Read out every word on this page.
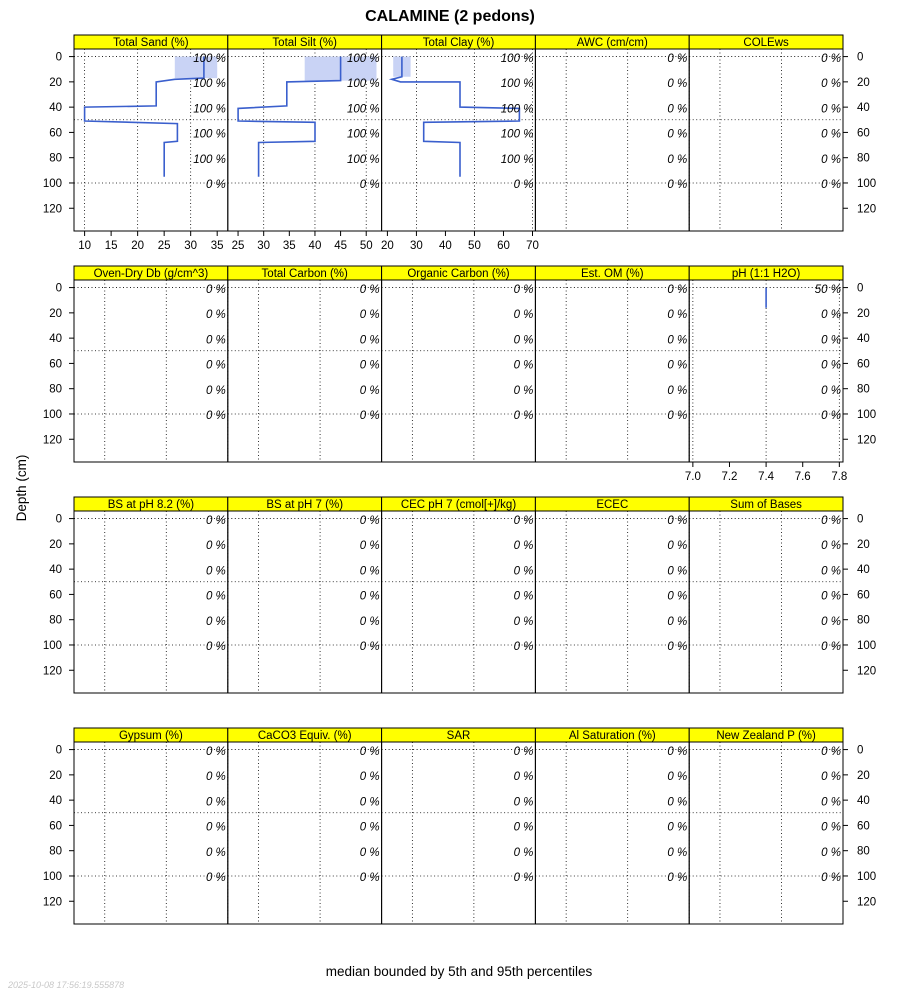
CALAMINE (2 pedons)
Depth (cm)
Total Sand (%)
100 %
100 %
100 %
100 %
100 %
0 %
10 15 20 25 30 35
Total Silt (%)
100 %
100 %
100 %
100 %
100 %
0 %
25 30 35 40 45 50
Total Clay (%)
100 %
100 %
100 %
100 %
100 %
0 %
20 30 40 50 60 70
AWC (cm/cm)
0 %
0 %
0 %
0 %
0 %
0 %
COLEws
0 %
0 %
0 %
0 %
0 %
0 %
0	0
20	20
40	40
60	60
80	80
100	100
120	120
Oven-Dry Db (g/cm^3)
0 %
0 %
0 %
0 %
0 %
0 %
Total Carbon (%)
0 %
0 %
0 %
0 %
0 %
0 %
Organic Carbon (%)
0 %
0 %
0 %
0 %
0 %
0 %
Est. OM (%)
0 %
0 %
0 %
0 %
0 %
0 %
pH (1:1 H2O)
50 %
0 %
0 %
0 %
0 %
0 %
7.0 7.2 7.4 7.6 7.8
0	0
20	20
40	40
60	60
80	80
100	100
120	120
BS at pH 8.2 (%)
0 %
0 %
0 %
0 %
0 %
0 %
BS at pH 7 (%)
0 %
0 %
0 %
0 %
0 %
0 %
CEC pH 7 (cmol[+]/kg)
0 %
0 %
0 %
0 %
0 %
0 %
ECEC
0 %
0 %
0 %
0 %
0 %
0 %
Sum of Bases
0 %
0 %
0 %
0 %
0 %
0 %
0	0
20	20
40	40
60	60
80	80
100	100
120	120
Gypsum (%)
0 %
0 %
0 %
0 %
0 %
0 %
CaCO3 Equiv. (%)
0 %
0 %
0 %
0 %
0 %
0 %
SAR
0 %
0 %
0 %
0 %
0 %
0 %
Al Saturation (%)
0 %
0 %
0 %
0 %
0 %
0 %
New Zealand P (%)
0 %
0 %
0 %
0 %
0 %
0 %
0	0
20	20
40	40
60	60
80	80
100	100
120	120
median bounded by 5th and 95th percentiles
2025-10-08 17:56:19.555878
